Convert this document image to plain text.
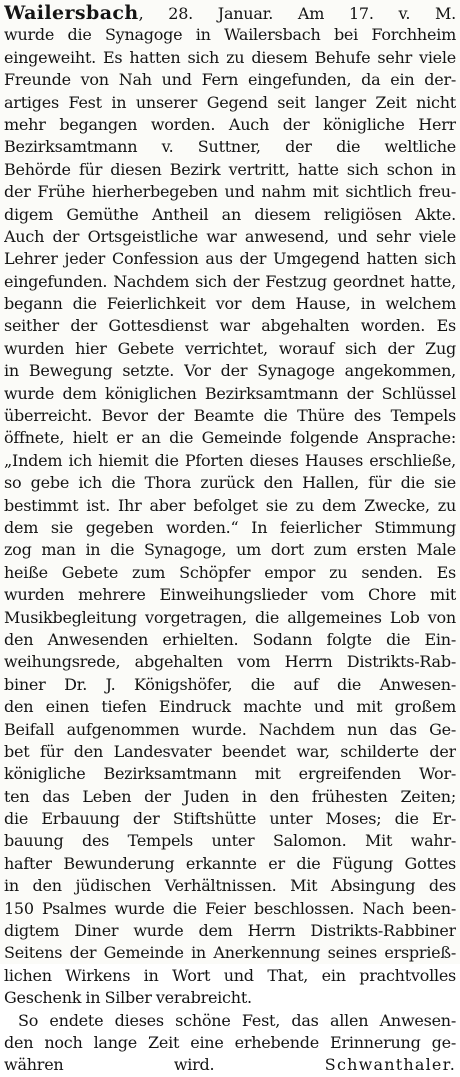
Wailersbach, 28. Januar. Am 17. v. M.
wurde die Synagoge in Wailersbach bei Forchheim
eingeweiht. Es hatten sich zu diesem Behufe sehr viele
Freunde von Nah und Fern eingefunden, da ein der-
artiges Fest in unserer Gegend seit langer Zeit nicht
mehr begangen worden. Auch der königliche Herr
Bezirksamtmann v. Suttner, der die weltliche
Behörde für diesen Bezirk vertritt, hatte sich schon in
der Frühe hierherbegeben und nahm mit sichtlich freu-
digem Gemüthe Antheil an diesem religiösen Akte.
Auch der Ortsgeistliche war anwesend, und sehr viele
Lehrer jeder Confession aus der Umgegend hatten sich
eingefunden. Nachdem sich der Festzug geordnet hatte,
begann die Feierlichkeit vor dem Hause, in welchem
seither der Gottesdienst war abgehalten worden. Es
wurden hier Gebete verrichtet, worauf sich der Zug
in Bewegung setzte. Vor der Synagoge angekommen,
wurde dem königlichen Bezirksamtmann der Schlüssel
überreicht. Bevor der Beamte die Thüre des Tempels
öffnete, hielt er an die Gemeinde folgende Ansprache:
„Indem ich hiemit die Pforten dieses Hauses erschließe,
so gebe ich die Thora zurück den Hallen, für die sie
bestimmt ist. Ihr aber befolget sie zu dem Zwecke, zu
dem sie gegeben worden.“ In feierlicher Stimmung
zog man in die Synagoge, um dort zum ersten Male
heiße Gebete zum Schöpfer empor zu senden. Es
wurden mehrere Einweihungslieder vom Chore mit
Musikbegleitung vorgetragen, die allgemeines Lob von
den Anwesenden erhielten. Sodann folgte die Ein-
weihungsrede, abgehalten vom Herrn Distrikts-Rab-
biner Dr. J. Königshöfer, die auf die Anwesen-
den einen tiefen Eindruck machte und mit großem
Beifall aufgenommen wurde. Nachdem nun das Ge-
bet für den Landesvater beendet war, schilderte der
königliche Bezirksamtmann mit ergreifenden Wor-
ten das Leben der Juden in den frühesten Zeiten;
die Erbauung der Stiftshütte unter Moses; die Er-
bauung des Tempels unter Salomon. Mit wahr-
hafter Bewunderung erkannte er die Fügung Gottes
in den jüdischen Verhältnissen. Mit Absingung des
150 Psalmes wurde die Feier beschlossen. Nach been-
digtem Diner wurde dem Herrn Distrikts-Rabbiner
Seitens der Gemeinde in Anerkennung seines ersprieß-
lichen Wirkens in Wort und That, ein prachtvolles
Geschenk in Silber verabreicht.
So endete dieses schöne Fest, das allen Anwesen-
den noch lange Zeit eine erhebende Erinnerung ge-
währen wird.	Schwanthaler.
